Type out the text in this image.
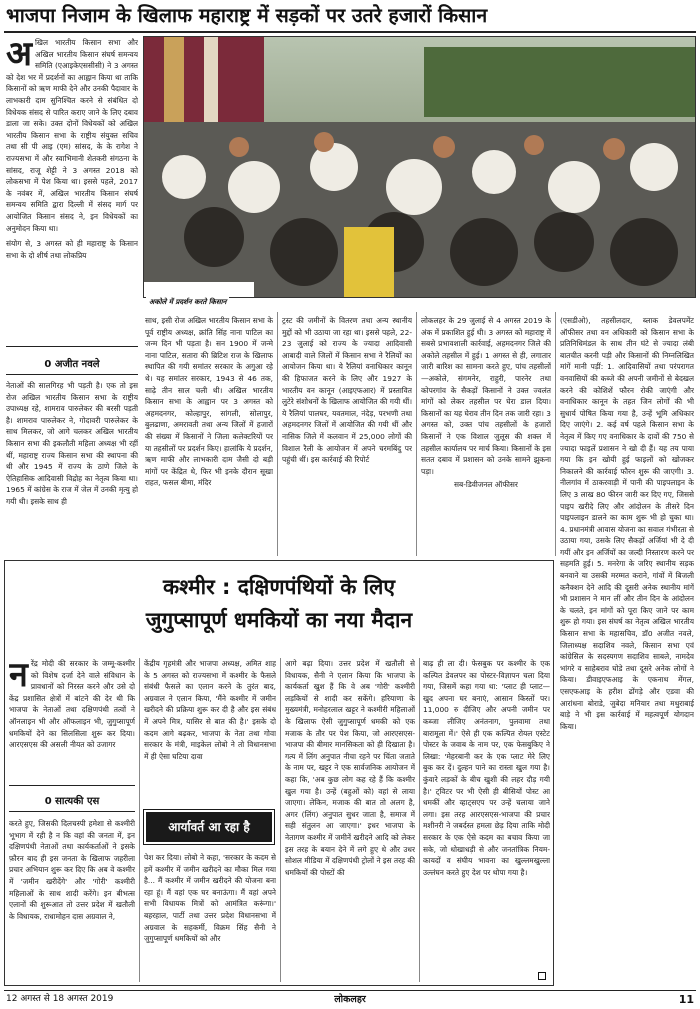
भाजपा निजाम के खिलाफ महाराष्ट्र में सड़कों पर उतरे हजारों किसान
अ खिल भारतीय किसान सभा और अखिल भारतीय किसान संघर्ष समन्वय समिति (एआइकेएससीसी) ने 3 अगस्त को देश भर में प्रदर्शनों का आह्वान किया था ताकि किसानों को ऋण माफी देने और उनकी पैदावार के लाभकारी दाम सुनिश्चित करने से संबंधित दो विधेयक संसद से पारित कराए जाने के लिए दबाव डाला जा सके। उक्त दोनों विधेयकों को अखिल भारतीय किसान सभा के राष्ट्रीय संयुक्त सचिव तथा सी पी आइ (एम) सांसद, के के रागेश ने राज्यसभा में और स्वाभिमानी शेतकरी संगठना के सांसद, राजू शेट्टी ने 3 अगस्त 2018 को लोकसभा में पेश किया था। इससे पहले, 2017 के नवंबर में, अखिल भारतीय किसान संघर्ष समन्वय समिति द्वारा दिल्ली में संसद मार्ग पर आयोजित किसान संसद ने, इन विधेयकों का अनुमोदन किया था।
संयोग से, 3 अगस्त को ही महाराष्ट्र के किसान सभा के दो शीर्ष तथा लोकप्रिय
0 अजीत नवले
नेताओं की सालगिरह भी पड़ती है। एक तो इस रोज अखिल भारतीय किसान सभा के राष्ट्रीय उपाध्यक्ष रहे, शामराव पारुलेकर की बरसी पड़ती है। शामराव पारुलेकर ने, गोदावरी पारुलेकर के साथ मिलकर, जो आगे चलकर अखिल भारतीय किसान सभा की इकलौती महिला अध्यक्ष भी रहीं थीं, महाराष्ट्र राज्य किसान सभा की स्थापना की थी और 1945 में राज्य के ठाणे जिले के ऐतिहासिक आदिवासी विद्रोह का नेतृत्व किया था। 1965 में कांग्रेस के राज में जेल में उनकी मृत्यु हो गयी थी। इसके साथ ही
अकोले में प्रदर्शन करते किसान
साथ, इसी रोज अखिल भारतीय किसान सभा के पूर्व राष्ट्रीय अध्यक्ष, क्रांति सिंह नाना पाटिल का जन्म दिन भी पड़ता है। सन 1900 में जन्मे नाना पाटिल, सतारा की ब्रिटिश राज के खिलाफ स्थापित की गयी समांतर सरकार के अगुआ रहे थे। यह समांतर सरकार, 1943 से 46 तक, साढ़े तीन साल चली थी। अखिल भारतीय किसान सभा के आह्वान पर 3 अगस्त को अहमदनगर, कोल्हापुर, सांगली, सोलापुर, बुलढाणा, अमरावती तथा अन्य जिलों में हजारों की संख्या में किसानों ने जिला कलेक्टरियों पर या तहसीलों पर प्रदर्शन किए। हालांकि ये प्रदर्शन, ऋण माफी और लाभकारी दाम जैसी दो बड़ी मांगों पर केंद्रित थे, फिर भी इनके दौरान सूखा राहत, फसल बीमा, मंदिर
ट्रस्ट की जमीनों के वितरण तथा अन्य स्थानीय मुद्दों को भी उठाया जा रहा था। इससे पहले, 22-23 जुलाई को राज्य के ज्यादा आदिवासी आबादी वाले जिलों में किसान सभा ने रैलियों का आयोजन किया था। ये रैलियां वनाधिकार कानून की हिफाजत करने के लिए और 1927 के भारतीय वन कानून (आइएफआर) में प्रस्तावित लुटेरे संशोधनों के खिलाफ आयोजित की गयी थीं। ये रैलियां पालघर, यवतमाल, नंदेड़, परभणी तथा अहमदनगर जिलों में आयोजित की गयी थीं और नासिक जिले में कलवान में 25,000 लोगों की विशाल रैली के आयोजन में अपने चरमबिंदु पर पहुंची थीं। इस कार्रवाई की रिपोर्ट
लोकलहर के 29 जुलाई से 4 अगस्त 2019 के अंक में प्रकाशित हुई थी। 3 अगस्त को महाराष्ट्र में सबसे प्रभावशाली कार्रवाई, अहमदनगर जिले की अकोले तहसील में हुई। 1 अगस्त से ही, लगातार जारी बारिश का सामना करते हुए, पांच तहसीलों—अकोले, संगमनेर, राहुरी, पारनेर तथा कोपरगांव के सैकड़ों किसानों ने उक्त ज्वलंत मांगों को लेकर तहसील पर घेरा डाल दिया। किसानों का यह घेराव तीन दिन तक जारी रहा। 3 अगस्त को, उक्त पांच तहसीलों के हजारों किसानों ने एक विशाल जुलूस की शक्ल में तहसील कार्यालय पर मार्च किया। किसानों के इस सतत दबाव में प्रशासन को उनके सामने झुकना पड़ा।
सब-डिवीजनल ऑफीसर
(एसडीओ), तहसीलदार, ब्लाक डेवलपमेंट ऑफीसर तथा वन अधिकारी को किसान सभा के प्रतिनिधिमंडल के साथ तीन घंटे से ज्यादा लंबी बातचीत करनी पड़ी और किसानों की निम्नलिखित मांगें मानी पड़ीं: 1. आदिवासियों तथा परंपरागत वनवासियों की कब्जे की अपनी जमीनों से बेदखल करने की कोशिशें फौरन रोकी जाएंगी और वनाधिकार कानून के तहत जिन लोगों की भी सुधार्य पोषित किया गया है, उन्हें भूमि अधिकार दिए जाएंगे। 2. कई वर्ष पहले किसान सभा के नेतृत्व में किए गए वनाधिकार के दावों की 750 से ज्यादा फाइलें प्रशासन ने खो दी हैं। यह तय पाया गया कि इन खोयी हुई फाइलों को खोजकर निकालने की कार्रवाई फौरन शुरू की जाएगी। 3. नीलगांव में ठाकरवाड़ी में पानी की पाइपलाइन के लिए 3 लाख 80 फीरन जारी कर दिए गए, जिससे पाइप खरीदे लिए और आंदोलन के तीसरे दिन पाइपलाइन डालने का काम शुरू भी हो चुका था। 4. प्रधानमंत्री आवास योजना का सवाल गंभीरता से उठाया गया, उसके लिए सैकड़ों अर्जियां भी दे दी गयीं और इन अर्जियों का जल्दी निस्तारण करने पर सहमति हुई। 5. मनरेगा के जरिए स्थानीय सड़क बनवाने या उसकी मरम्मत कराने, गांवों में बिजली कनैक्शन देने आदि की दूसरी अनेक स्थानीय मांगें भी प्रशासन ने मान लीं और तीन दिन के आंदोलन के चलते, इन मांगों को पूरा किए जाने पर काम शुरू हो गया। इस संघर्ष का नेतृत्व अखिल भारतीय किसान सभा के महासचिव, डॉ0 अजीत नवले, जिलाध्यक्ष सदाशिव नवले, किसान सभा एवं कांग्रेसिल के सदस्यगण सदाशिव साबले, नामदेव भांगरे व साहेबराव घोडे तथा दूसरे अनेक लोगों ने किया। डीवाइएफआइ के एकनाथ मेंगल, एसएफआइ के हरीश ढोंगड़े और एडवा की आरांधना बोराडे, जुबेदा मनियार तथा मथुराबाई बाड़े ने भी इस कार्रवाई में महत्वपूर्ण योगदान किया।
कश्मीर : दक्षिणपंथियों के लिए
जुगुप्सापूर्ण धमकियों का नया मैदान
न रेंद्र मोदी की सरकार के जम्मू-कश्मीर को विशेष दर्जा देने वाले संविधान के प्रावधानों को निरस्त करने और उसे दो केंद्र प्रशासित क्षेत्रों में बांटने की देर थी कि भाजपा के नेताओं तथा दक्षिणपंथी तत्वों ने ऑनलाइन भी और ऑफलाइन भी, जुगुप्सापूर्ण धमकियों देने का सिलसिला शुरू कर दिया। आरएसएस की असली नीयत को उजागर
0 सात्यकी एस
करते हुए, जिसकी दिलचस्पी हमेशा से कश्मीरी भूभाग में रही है न कि वहां की जनता में, इन दक्षिणपंथी नेताओं तथा कार्यकर्ताओं ने इसके फ़ौरन बाद ही इस जनता के खिलाफ जहरीला प्रचार अभियान शुरू कर दिए कि अब वे कश्मीर में 'जमीन खरीदेंगे' और 'गोरी' कश्मीरी महिलाओं के साथ शादी करेंगे। इन बीभत्स एलानों की शुरूआत तो उत्तर प्रदेश में खतौली के विधायक, राधामोहन दास अग्रवाल ने,
केंद्रीय गृहमंत्री और भाजपा अध्यक्ष, अमित शाह के 5 अगस्त को राज्यसभा में कश्मीर के फैसले संबंधी फैसले का एलान करने के तुरंत बाद, अग्रवाल ने एलान किया, 'मैंने कश्मीर में जमीन खरीदने की प्रक्रिया शुरू कर दी है और इस संबंध में अपने मित्र, यासिर से बात की है।' इसके दो कदम आगे बढ़कर, भाजपा के नेता तथा गोवा सरकार के मंत्री, माइकेल लोबो ने तो विधानसभा में ही ऐसा घटिया दावा
आर्यावर्त आ रहा है
पेश कर दिया। लोबो ने कहा, 'सरकार के कदम से हमें कश्मीर में जमीन खरीदने का मौका मिल गया है... मैं कश्मीर में जमीन खरीदने की योजना बना रहा हूं। मैं वहां एक घर बनाऊंगा। मैं वहां अपने सभी विधायक मित्रों को आमंत्रित करूंगा।' बहरहाल, पार्टी तथा उत्तर प्रदेश विधानसभा में अग्रवाल के सहकर्मी, विक्रम सिंह सैनी ने जुगुप्सापूर्ण धमकियों को और
आगे बढ़ा दिया। उत्तर प्रदेश में खतौली से विधायक, सैनी ने एलान किया कि भाजपा के कार्यकर्ता खुश हैं कि वे अब 'गोरी' कश्मीरी लड़कियों से शादी कर सकेंगे। हरियाणा के मुख्यमंत्री, मनोहरलाल खट्टर ने कश्मीरी महिलाओं के खिलाफ ऐसी जुगुप्सापूर्ण धमकी को एक मजाक के तौर पर पेश किया, जो आरएसएस-भाजपा की बीमार मानसिकता को ही दिखाता है। गत्य में लिंग अनुपात नीचा रहने पर चिंता जताते के नाम पर, खट्टर ने एक सार्वजनिक आयोजन में कहा कि, 'अब कुछ लोग कह रहे हैं कि कश्मीर खुल गया है। उन्हें (बहुओं को) वहां से लाया जाएगा। लेकिन, मजाक की बात तो अलग है, अगर (लिंग) अनुपात सुधर जाता है, समाज में सही संतुलन आ जाएगा।' इधर भाजपा के नेतागण कश्मीर में जमीनें खरीदने आदि को लेकर इस तरह के बयान देने में लगे हुए थे और उधर सोशल मीडिया में दक्षिणपंथी ट्रोलों ने इस तरह की धमकियों की पोस्टों की
बाढ़ ही ला दी। फेसबुक पर कश्मीर के एक कल्पित डेवलपर का पोस्टर-विज्ञापन चला दिया गया, जिसमें कहा गया था: 'प्लाट ही प्लाट—खुद अपना घर बनाएं, आसान किस्तों पर। 11,000 रु दीजिए और अपनी जमीन पर कब्जा लीजिए अनंतनाग, पुलवामा तथा बारामूला में।' ऐसे ही एक कल्पित रोयल एस्टेट पोस्टर के जवाब के नाम पर, एक फेसबुकिए ने लिखा: 'मेहरबानी कर के एक प्लाट मेरे लिए बुक कर दें। दुल्हन पाने का रास्ता खुल गया है। कुंवारे लड़कों के बीच खुशी की लहर दौड़ गयी है।' ट्विटर पर भी ऐसी ही बीसियों पोस्ट आ धमकीं और व्हाट्सएप पर उन्हें चलाया जाने लगा। इस तरह आरएसएस-भाजपा की प्रचार मशीनरी ने जबर्दस्त हमला छेड़ दिया ताकि मोदी सरकार के एक ऐसे कदम का बचाव किया जा सके, जो धोखाधड़ी से और जनतांत्रिक नियम-कायदों व संघीय भावना का खुल्लमखुल्ला उल्लंघन करते हुए देश पर थोपा गया है।
12 अगस्त से 18 अगस्त 2019	लोकलहर	11
